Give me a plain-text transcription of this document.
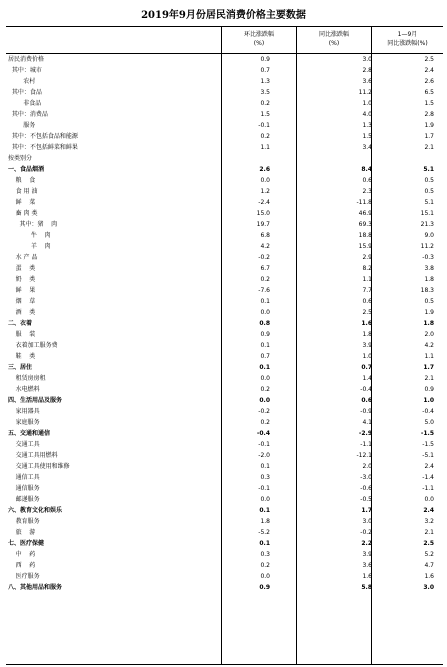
2019年9月份居民消费价格主要数据
环比涨跌幅
(%)
同比涨跌幅
(%)
1—9月
同比涨跌幅(%)
居民消费价格	0.9	3.0	2.5
其中：城市	0.7	2.8	2.4
农村	1.3	3.6	2.6
其中：食品	3.5	11.2	6.5
非食品	0.2	1.0	1.5
其中：消费品	1.5	4.0	2.8
服务	-0.1	1.3	1.9
其中：不包括食品和能源	0.2	1.5	1.7
其中：不包括鲜菜和鲜果	1.1	3.4	2.1
按类别分
一、食品烟酒	2.6	8.4	5.1
粮    食	0.0	0.6	0.5
食 用 油	1.2	2.3	0.5
鲜    菜	-2.4	-11.8	5.1
畜 肉 类	15.0	46.9	15.1
其中：猪    肉	19.7	69.3	21.3
牛    肉	6.8	18.8	9.0
羊    肉	4.2	15.9	11.2
水 产 品	-0.2	2.9	-0.3
蛋    类	6.7	8.2	3.8
奶    类	0.2	1.1	1.8
鲜    果	-7.6	7.7	18.3
烟    草	0.1	0.6	0.5
酒    类	0.0	2.5	1.9
二、衣着	0.8	1.6	1.8
服    装	0.9	1.8	2.0
衣着加工服务费	0.1	3.9	4.2
鞋    类	0.7	1.0	1.1
三、居住	0.1	0.7	1.7
租赁房房租	0.0	1.4	2.1
水电燃料	0.2	-0.4	0.9
四、生活用品及服务	0.0	0.6	1.0
家用器具	-0.2	-0.9	-0.4
家庭服务	0.2	4.1	5.0
五、交通和通信	-0.4	-2.9	-1.5
交通工具	-0.1	-1.1	-1.5
交通工具用燃料	-2.0	-12.1	-5.1
交通工具使用和维修	0.1	2.0	2.4
通信工具	0.3	-3.0	-1.4
通信服务	-0.1	-0.6	-1.1
邮递服务	0.0	-0.5	0.0
六、教育文化和娱乐	0.1	1.7	2.4
教育服务	1.8	3.0	3.2
旅    游	-5.2	-0.2	2.1
七、医疗保健	0.1	2.2	2.5
中    药	0.3	3.9	5.2
西    药	0.2	3.6	4.7
医疗服务	0.0	1.6	1.6
八、其他用品和服务	0.9	5.8	3.0
